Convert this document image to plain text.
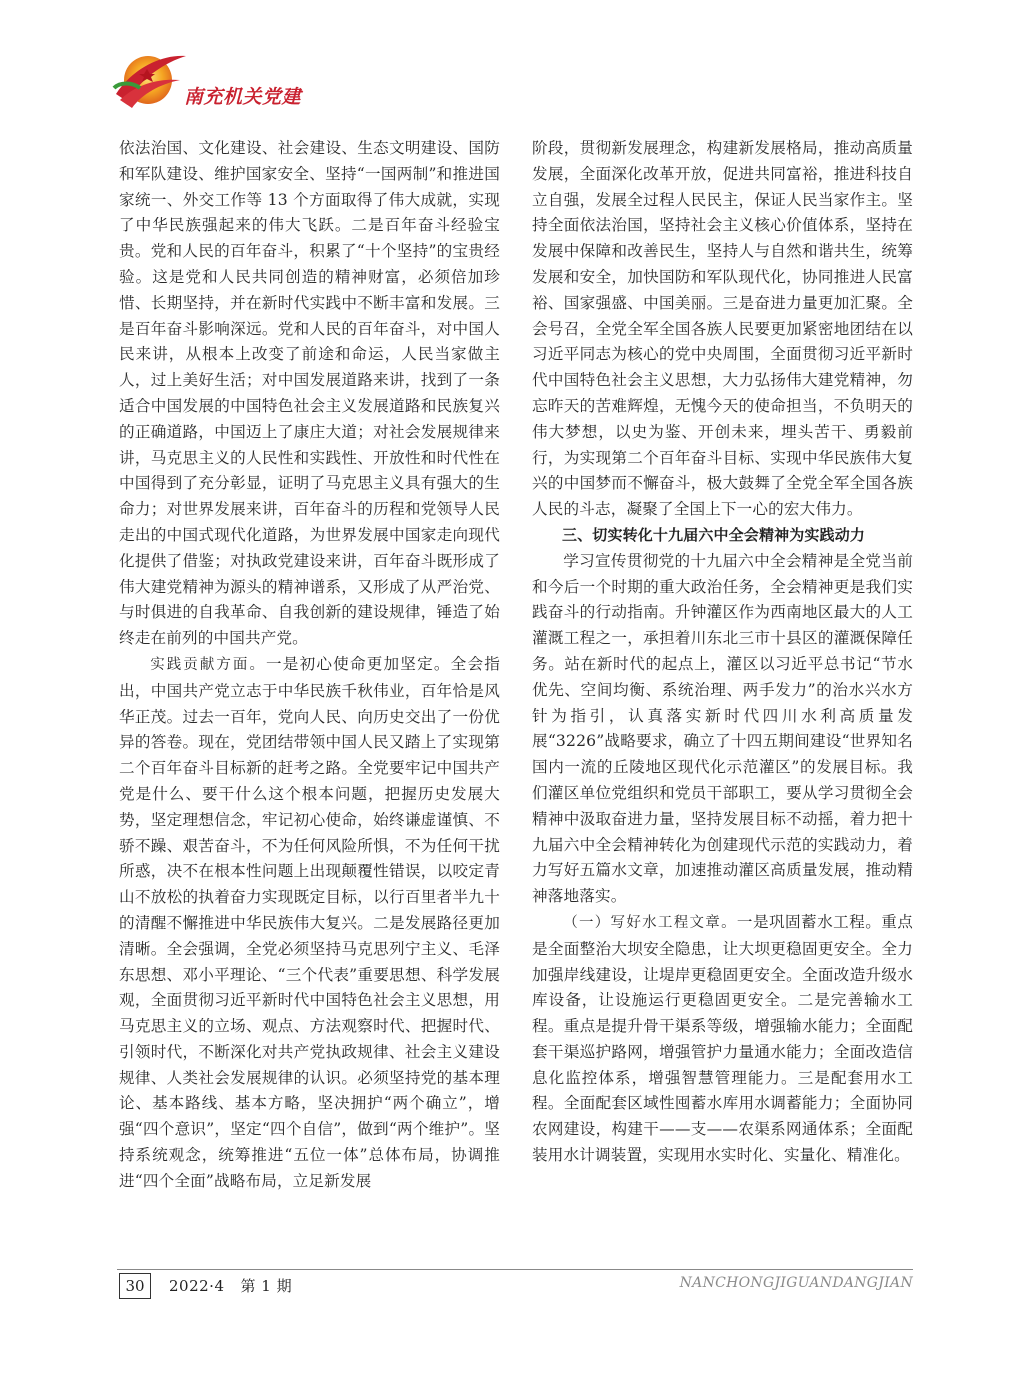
南充机关党建

依法治国、文化建设、社会建设、生态文明建设、国防和军队建设、维护国家安全、坚持“一国两制”和推进国家统一、外交工作等 13 个方面取得了伟大成就，实现了中华民族强起来的伟大飞跃。二是百年奋斗经验宝贵。党和人民的百年奋斗，积累了“十个坚持”的宝贵经验。这是党和人民共同创造的精神财富，必须倍加珍惜、长期坚持，并在新时代实践中不断丰富和发展。三是百年奋斗影响深远。党和人民的百年奋斗，对中国人民来讲，从根本上改变了前途和命运，人民当家做主人，过上美好生活；对中国发展道路来讲，找到了一条适合中国发展的中国特色社会主义发展道路和民族复兴的正确道路，中国迈上了康庄大道；对社会发展规律来讲，马克思主义的人民性和实践性、开放性和时代性在中国得到了充分彰显，证明了马克思主义具有强大的生命力；对世界发展来讲，百年奋斗的历程和党领导人民走出的中国式现代化道路，为世界发展中国家走向现代化提供了借鉴；对执政党建设来讲，百年奋斗既形成了伟大建党精神为源头的精神谱系，又形成了从严治党、与时俱进的自我革命、自我创新的建设规律，锤造了始终走在前列的中国共产党。

实践贡献方面。一是初心使命更加坚定。全会指出，中国共产党立志于中华民族千秋伟业，百年恰是风华正茂。过去一百年，党向人民、向历史交出了一份优异的答卷。现在，党团结带领中国人民又踏上了实现第二个百年奋斗目标新的赶考之路。全党要牢记中国共产党是什么、要干什么这个根本问题，把握历史发展大势，坚定理想信念，牢记初心使命，始终谦虚谨慎、不骄不躁、艰苦奋斗，不为任何风险所惧，不为任何干扰所惑，决不在根本性问题上出现颠覆性错误，以咬定青山不放松的执着奋力实现既定目标，以行百里者半九十的清醒不懈推进中华民族伟大复兴。二是发展路径更加清晰。全会强调，全党必须坚持马克思列宁主义、毛泽东思想、邓小平理论、“三个代表”重要思想、科学发展观，全面贯彻习近平新时代中国特色社会主义思想，用马克思主义的立场、观点、方法观察时代、把握时代、引领时代，不断深化对共产党执政规律、社会主义建设规律、人类社会发展规律的认识。必须坚持党的基本理论、基本路线、基本方略，坚决拥护“两个确立”，增强“四个意识”，坚定“四个自信”，做到“两个维护”。坚持系统观念，统筹推进“五位一体”总体布局，协调推进“四个全面”战略布局，立足新发展

阶段，贯彻新发展理念，构建新发展格局，推动高质量发展，全面深化改革开放，促进共同富裕，推进科技自立自强，发展全过程人民民主，保证人民当家作主。坚持全面依法治国，坚持社会主义核心价值体系，坚持在发展中保障和改善民生，坚持人与自然和谐共生，统筹发展和安全，加快国防和军队现代化，协同推进人民富裕、国家强盛、中国美丽。三是奋进力量更加汇聚。全会号召，全党全军全国各族人民要更加紧密地团结在以习近平同志为核心的党中央周围，全面贯彻习近平新时代中国特色社会主义思想，大力弘扬伟大建党精神，勿忘昨天的苦难辉煌，无愧今天的使命担当，不负明天的伟大梦想，以史为鉴、开创未来，埋头苦干、勇毅前行，为实现第二个百年奋斗目标、实现中华民族伟大复兴的中国梦而不懈奋斗，极大鼓舞了全党全军全国各族人民的斗志，凝聚了全国上下一心的宏大伟力。

三、切实转化十九届六中全会精神为实践动力

学习宣传贯彻党的十九届六中全会精神是全党当前和今后一个时期的重大政治任务，全会精神更是我们实践奋斗的行动指南。升钟灌区作为西南地区最大的人工灌溉工程之一，承担着川东北三市十县区的灌溉保障任务。站在新时代的起点上，灌区以习近平总书记“节水优先、空间均衡、系统治理、两手发力”的治水兴水方针为指引，认真落实新时代四川水利高质量发展“3226”战略要求，确立了十四五期间建设“世界知名国内一流的丘陵地区现代化示范灌区”的发展目标。我们灌区单位党组织和党员干部职工，要从学习贯彻全会精神中汲取奋进力量，坚持发展目标不动摇，着力把十九届六中全会精神转化为创建现代示范的实践动力，着力写好五篇水文章，加速推动灌区高质量发展，推动精神落地落实。

（一）写好水工程文章。一是巩固蓄水工程。重点是全面整治大坝安全隐患，让大坝更稳固更安全。全力加强岸线建设，让堤岸更稳固更安全。全面改造升级水库设备，让设施运行更稳固更安全。二是完善输水工程。重点是提升骨干渠系等级，增强输水能力；全面配套干渠巡护路网，增强管护力量通水能力；全面改造信息化监控体系，增强智慧管理能力。三是配套用水工程。全面配套区域性囤蓄水库用水调蓄能力；全面协同农网建设，构建干——支——农渠系网通体系；全面配装用水计调装置，实现用水实时化、实量化、精准化。

30	2022·4 第 1 期	NANCHONGJIGUANDANGJIAN
